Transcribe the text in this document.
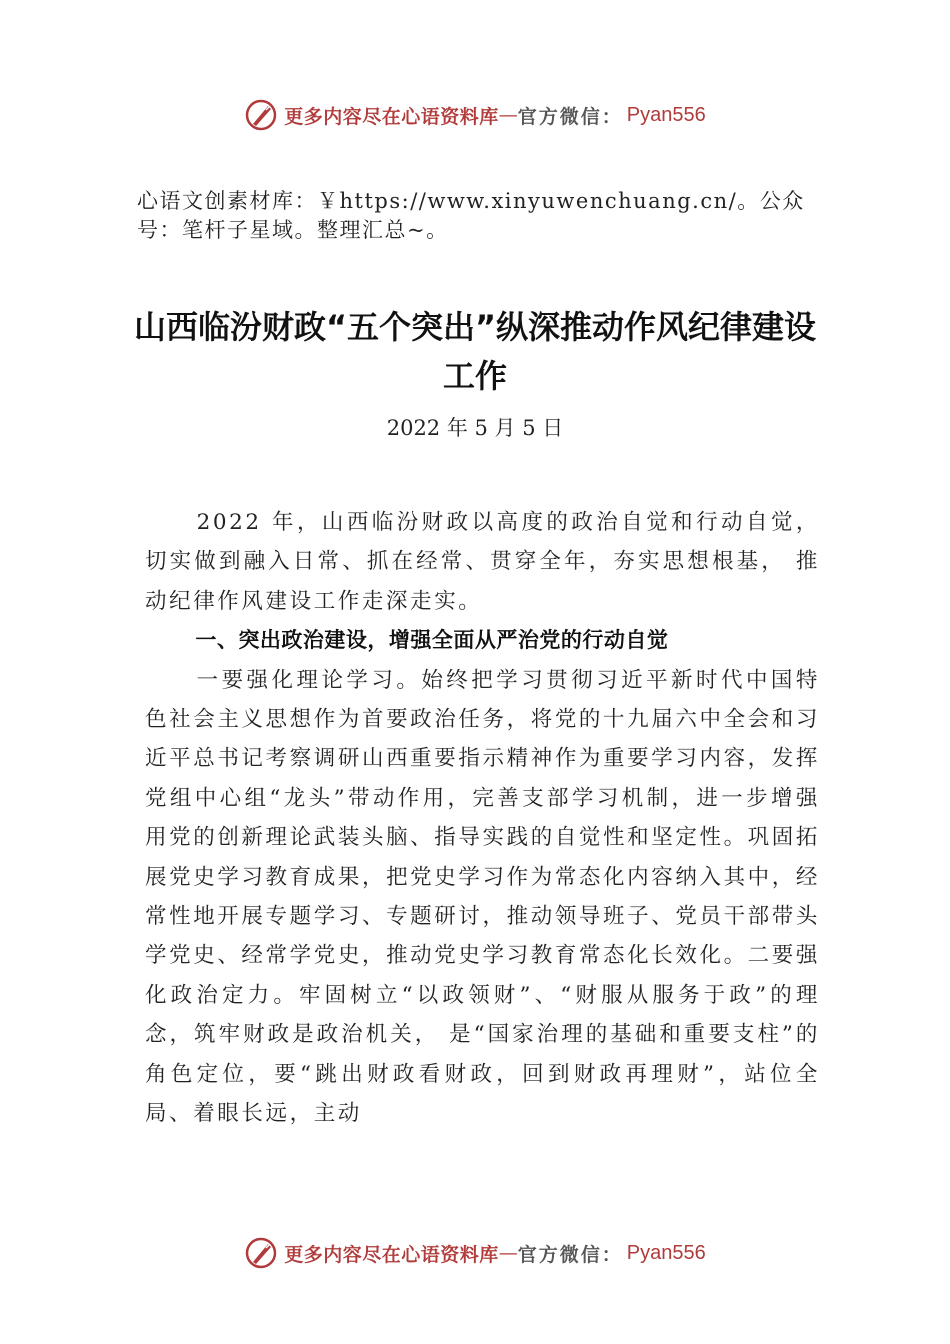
更多内容尽在心语资料库 — 官方微信： Pyan556
心语文创素材库：￥https://www.xinyuwenchuang.cn/。公众号：笔杆子星域。整理汇总~。
山西临汾财政“五个突出”纵深推动作风纪律建设工作
2022 年 5 月 5 日

2022 年，山西临汾财政以高度的政治自觉和行动自觉，切实做到融入日常、抓在经常、贯穿全年，夯实思想根基， 推动纪律作风建设工作走深走实。

一、突出政治建设，增强全面从严治党的行动自觉

一要强化理论学习。始终把学习贯彻习近平新时代中国特色社会主义思想作为首要政治任务，将党的十九届六中全会和习近平总书记考察调研山西重要指示精神作为重要学习内容，发挥党组中心组“龙头”带动作用，完善支部学习机制，进一步增强用党的创新理论武装头脑、指导实践的自觉性和坚定性。巩固拓展党史学习教育成果，把党史学习作为常态化内容纳入其中，经常性地开展专题学习、专题研讨，推动领导班子、党员干部带头学党史、经常学党史，推动党史学习教育常态化长效化。二要强化政治定力。牢固树立“以政领财”、“财服从服务于政”的理念，筑牢财政是政治机关， 是“国家治理的基础和重要支柱”的角色定位，要“跳出财政看财政，回到财政再理财”，站位全局、着眼长远，主动

更多内容尽在心语资料库 — 官方微信： Pyan556
